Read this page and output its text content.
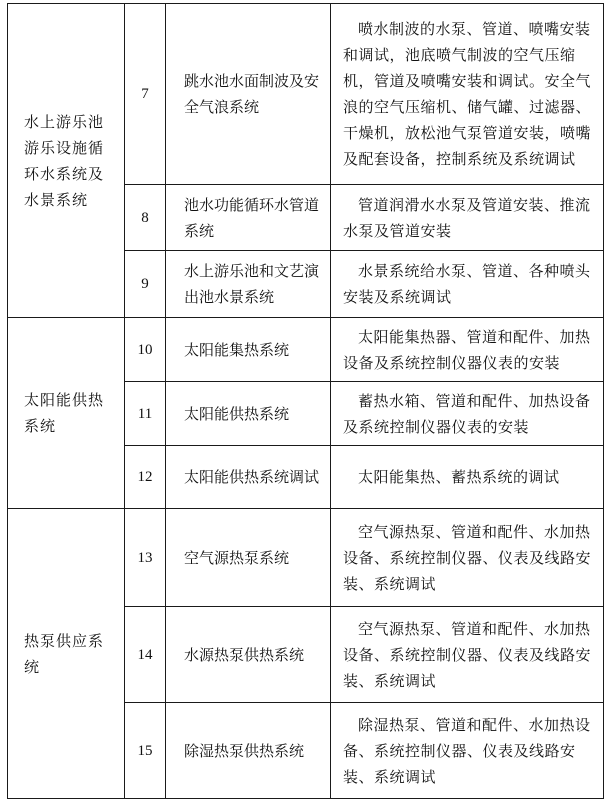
水上游乐池游乐设施循环水系统及水景系统	7	跳水池水面制波及安全气浪系统	喷水制波的水泵、管道、喷嘴安装和调试，池底喷气制波的空气压缩机，管道及喷嘴安装和调试。安全气浪的空气压缩机、储气罐、过滤器、干燥机，放松池气泵管道安装，喷嘴及配套设备，控制系统及系统调试

	8	池水功能循环水管道系统	管道润滑水水泵及管道安装、推流水泵及管道安装

	9	水上游乐池和文艺演出池水景系统	水景系统给水泵、管道、各种喷头安装及系统调试

太阳能供热系统	10	太阳能集热系统	太阳能集热器、管道和配件、加热设备及系统控制仪器仪表的安装

	11	太阳能供热系统	蓄热水箱、管道和配件、加热设备及系统控制仪器仪表的安装

	12	太阳能供热系统调试	太阳能集热、蓄热系统的调试

热泵供应系统	13	空气源热泵系统	空气源热泵、管道和配件、水加热设备、系统控制仪器、仪表及线路安装、系统调试

	14	水源热泵供热系统	空气源热泵、管道和配件、水加热设备、系统控制仪器、仪表及线路安装、系统调试

	15	除湿热泵供热系统	除湿热泵、管道和配件、水加热设备、系统控制仪器、仪表及线路安装、系统调试
